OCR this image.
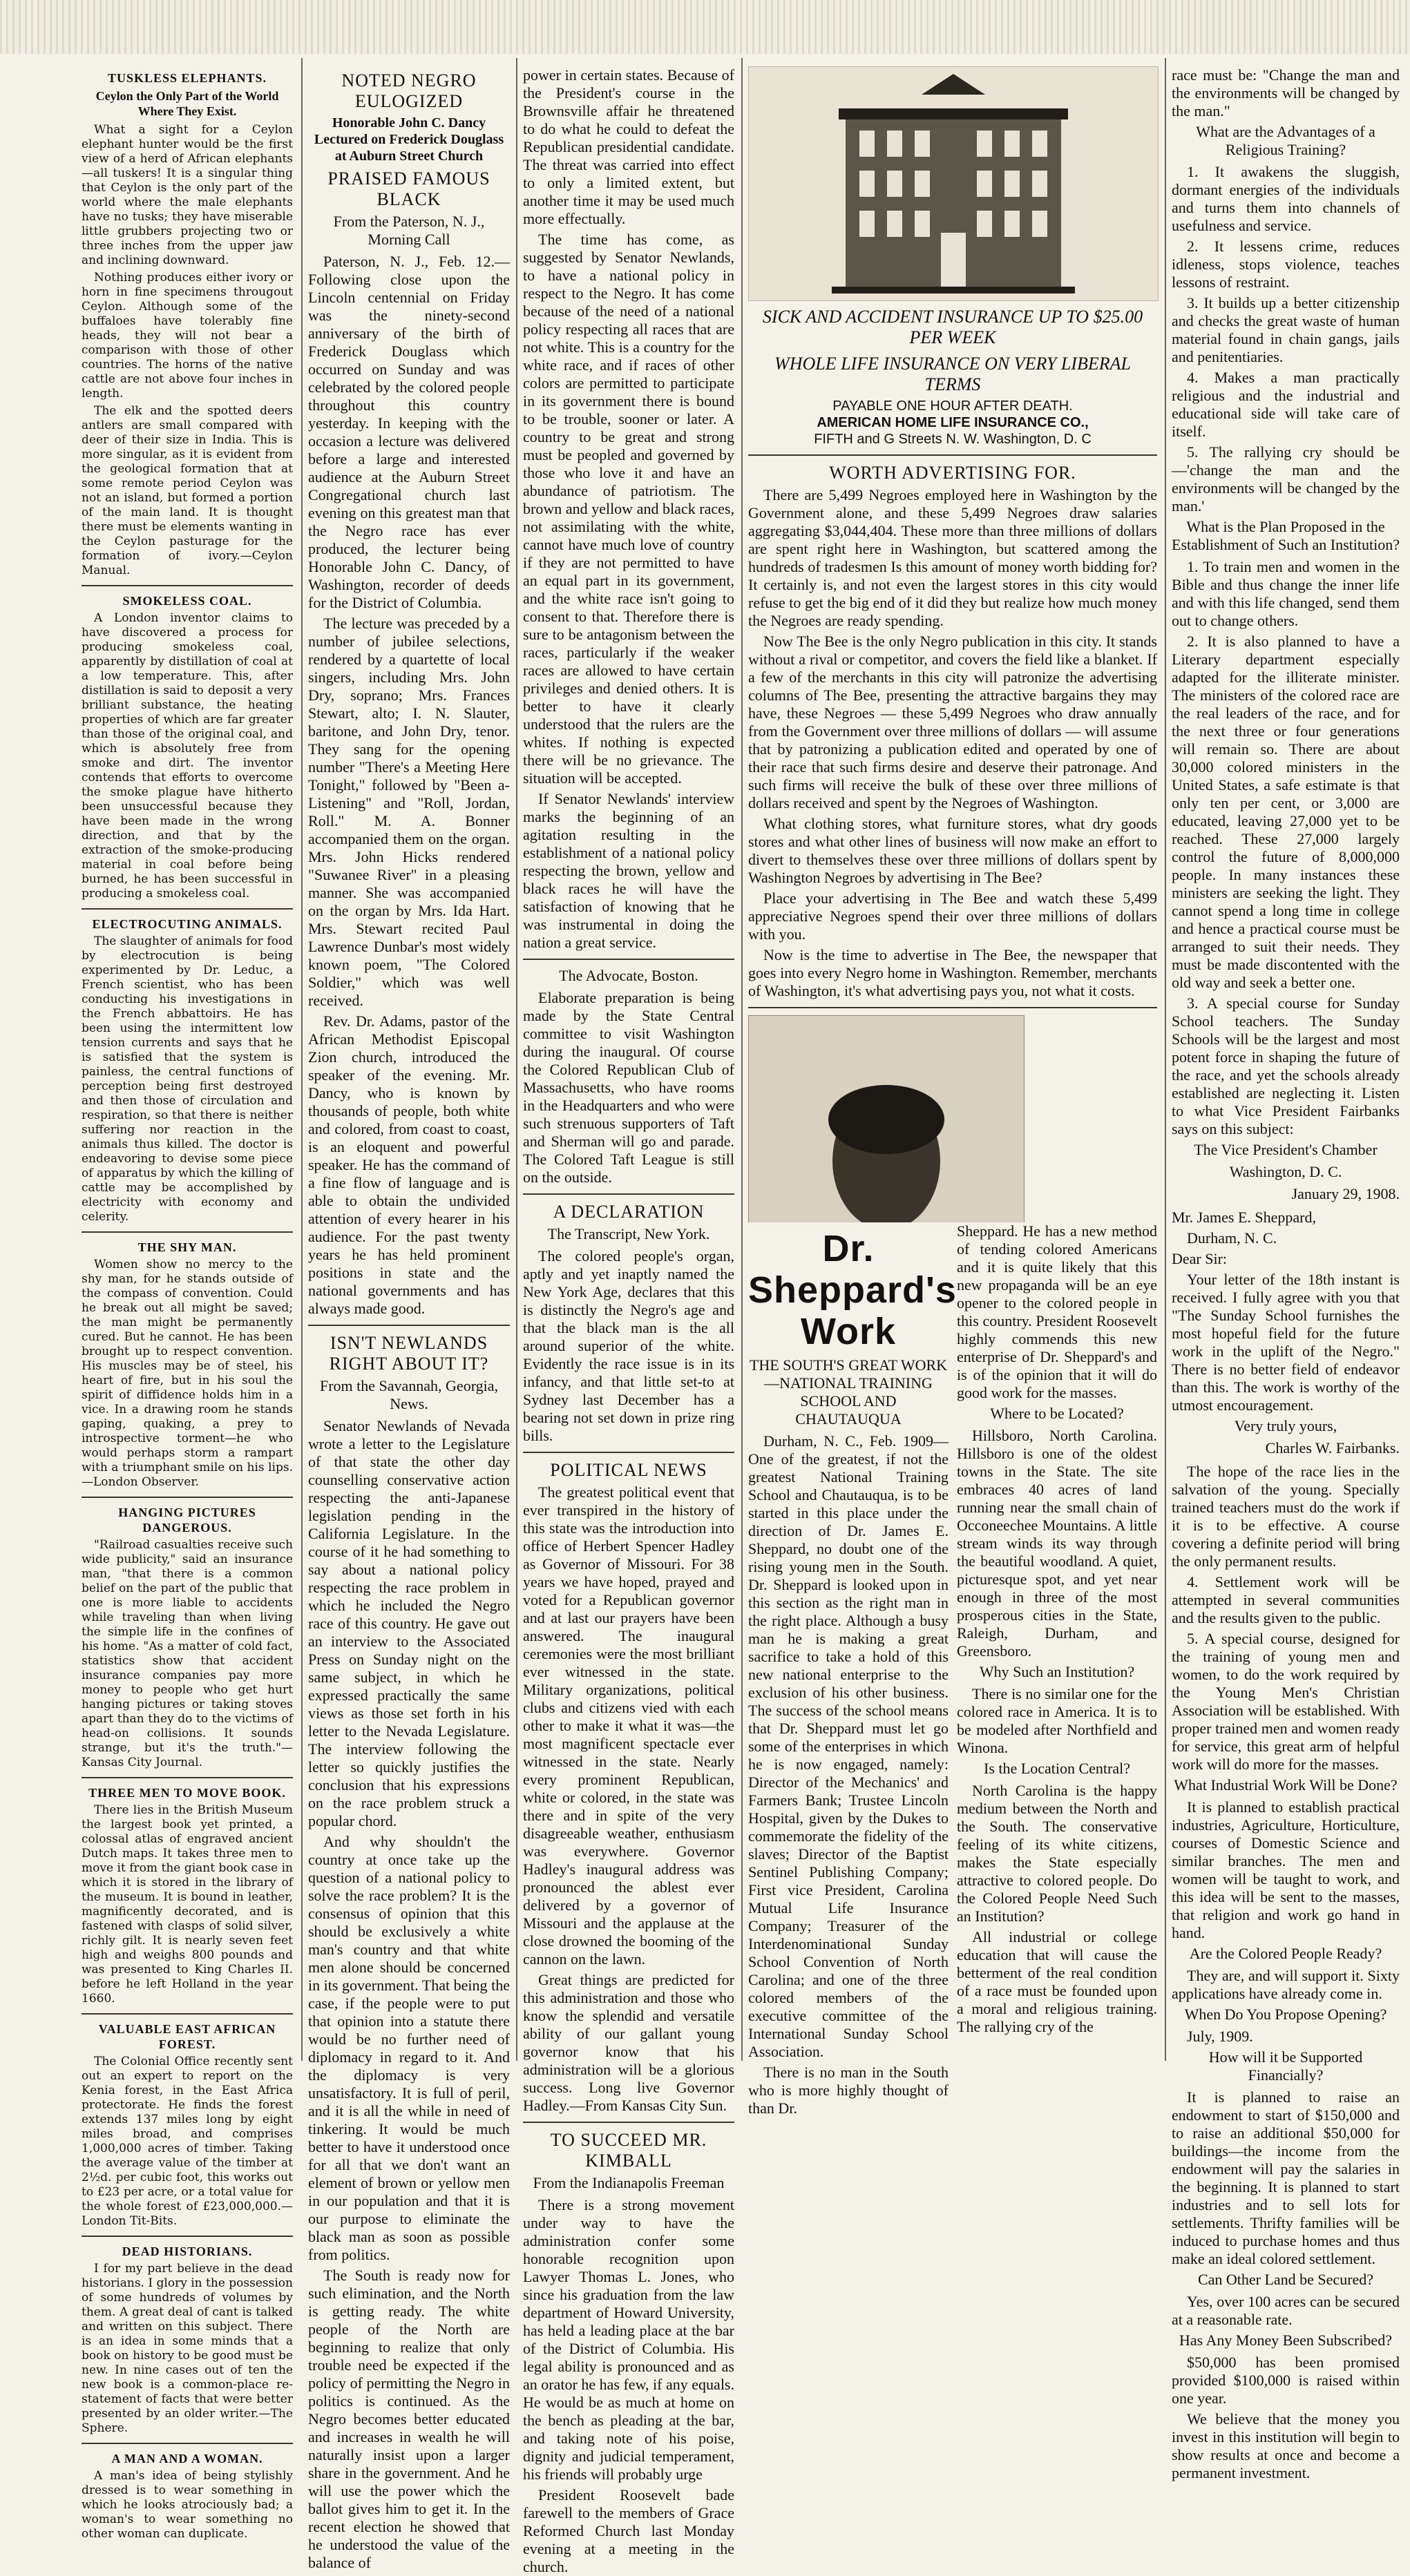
TUSKLESS ELEPHANTS.
Ceylon the Only Part of the World Where They Exist.

What a sight for a Ceylon elephant hunter would be the first view of a herd of African elephants—all tuskers! It is a singular thing that Ceylon is the only part of the world where the male elephants have no tusks; they have miserable little grubbers projecting two or three inches from the upper jaw and inclining downward.

Nothing produces either ivory or horn in fine specimens througout Ceylon. Although some of the buffaloes have tolerably fine heads, they will not bear a comparison with those of other countries. The horns of the native cattle are not above four inches in length.

The elk and the spotted deers antlers are small compared with deer of their size in India. This is more singular, as it is evident from the geological formation that at some remote period Ceylon was not an island, but formed a portion of the main land. It is thought there must be elements wanting in the Ceylon pasturage for the formation of ivory.—Ceylon Manual.

SMOKELESS COAL.

A London inventor claims to have discovered a process for producing smokeless coal, apparently by distillation of coal at a low temperature. This, after distillation is said to deposit a very brilliant substance, the heating properties of which are far greater than those of the original coal, and which is absolutely free from smoke and dirt. The inventor contends that efforts to overcome the smoke plague have hitherto been unsuccessful because they have been made in the wrong direction, and that by the extraction of the smoke-producing material in coal before being burned, he has been successful in producing a smokeless coal.

ELECTROCUTING ANIMALS.

The slaughter of animals for food by electrocution is being experimented by Dr. Leduc, a French scientist, who has been conducting his investigations in the French abbattoirs. He has been using the intermittent low tension currents and says that he is satisfied that the system is painless, the central functions of perception being first destroyed and then those of circulation and respiration, so that there is neither suffering nor reaction in the animals thus killed. The doctor is endeavoring to devise some piece of apparatus by which the killing of cattle may be accomplished by electricity with economy and celerity.

THE SHY MAN.

Women show no mercy to the shy man, for he stands outside of the compass of convention. Could he break out all might be saved; the man might be permanently cured. But he cannot. He has been brought up to respect convention. His muscles may be of steel, his heart of fire, but in his soul the spirit of diffidence holds him in a vice. In a drawing room he stands gaping, quaking, a prey to introspective torment—he who would perhaps storm a rampart with a triumphant smile on his lips.—London Observer.

HANGING PICTURES DANGEROUS.

"Railroad casualties receive such wide publicity," said an insurance man, "that there is a common belief on the part of the public that one is more liable to accidents while traveling than when living the simple life in the confines of his home. "As a matter of cold fact, statistics show that accident insurance companies pay more money to people who get hurt hanging pictures or taking stoves apart than they do to the victims of head-on collisions. It sounds strange, but it's the truth."—Kansas City Journal.

THREE MEN TO MOVE BOOK.

There lies in the British Museum the largest book yet printed, a colossal atlas of engraved ancient Dutch maps. It takes three men to move it from the giant book case in which it is stored in the library of the museum. It is bound in leather, magnificently decorated, and is fastened with clasps of solid silver, richly gilt. It is nearly seven feet high and weighs 800 pounds and was presented to King Charles II. before he left Holland in the year 1660.

VALUABLE EAST AFRICAN FOREST.

The Colonial Office recently sent out an expert to report on the Kenia forest, in the East Africa protectorate. He finds the forest extends 137 miles long by eight miles broad, and comprises 1,000,000 acres of timber. Taking the average value of the timber at 2½d. per cubic foot, this works out to £23 per acre, or a total value for the whole forest of £23,000,000.—London Tit-Bits.

DEAD HISTORIANS.

I for my part believe in the dead historians. I glory in the possession of some hundreds of volumes by them. A great deal of cant is talked and written on this subject. There is an idea in some minds that a book on history to be good must be new. In nine cases out of ten the new book is a common-place re-statement of facts that were better presented by an older writer.—The Sphere.

A MAN AND A WOMAN.

A man's idea of being stylishly dressed is to wear something in which he looks atrociously bad; a woman's to wear something no other woman can duplicate.

NOTED NEGRO EULOGIZED
Honorable John C. Dancy Lectured on Frederick Douglass at Auburn Street Church
PRAISED FAMOUS BLACK
From the Paterson, N. J., Morning Call

Paterson, N. J., Feb. 12.—Following close upon the Lincoln centennial on Friday was the ninety-second anniversary of the birth of Frederick Douglass which occurred on Sunday and was celebrated by the colored people throughout this country yesterday. In keeping with the occasion a lecture was delivered before a large and interested audience at the Auburn Street Congregational church last evening on this greatest man that the Negro race has ever produced, the lecturer being Honorable John C. Dancy, of Washington, recorder of deeds for the District of Columbia.

The lecture was preceded by a number of jubilee selections, rendered by a quartette of local singers, including Mrs. John Dry, soprano; Mrs. Frances Stewart, alto; I. N. Slauter, baritone, and John Dry, tenor. They sang for the opening number "There's a Meeting Here Tonight," followed by "Been a-Listening" and "Roll, Jordan, Roll." M. A. Bonner accompanied them on the organ. Mrs. John Hicks rendered "Suwanee River" in a pleasing manner. She was accompanied on the organ by Mrs. Ida Hart. Mrs. Stewart recited Paul Lawrence Dunbar's most widely known poem, "The Colored Soldier," which was well received.

Rev. Dr. Adams, pastor of the African Methodist Episcopal Zion church, introduced the speaker of the evening. Mr. Dancy, who is known by thousands of people, both white and colored, from coast to coast, is an eloquent and powerful speaker. He has the command of a fine flow of language and is able to obtain the undivided attention of every hearer in his audience. For the past twenty years he has held prominent positions in state and the national governments and has always made good.

ISN'T NEWLANDS RIGHT ABOUT IT?
From the Savannah, Georgia, News.

Senator Newlands of Nevada wrote a letter to the Legislature of that state the other day counselling conservative action respecting the anti-Japanese legislation pending in the California Legislature. In the course of it he had something to say about a national policy respecting the race problem in which he included the Negro race of this country. He gave out an interview to the Associated Press on Sunday night on the same subject, in which he expressed practically the same views as those set forth in his letter to the Nevada Legislature. The interview following the letter so quickly justifies the conclusion that his expressions on the race problem struck a popular chord.

And why shouldn't the country at once take up the question of a national policy to solve the race problem? It is the consensus of opinion that this should be exclusively a white man's country and that white men alone should be concerned in its government. That being the case, if the people were to put that opinion into a statute there would be no further need of diplomacy in regard to it. And the diplomacy is very unsatisfactory. It is full of peril, and it is all the while in need of tinkering. It would be much better to have it understood once for all that we don't want an element of brown or yellow men in our population and that it is our purpose to eliminate the black man as soon as possible from politics.

The South is ready now for such elimination, and the North is getting ready. The white people of the North are beginning to realize that only trouble need be expected if the policy of permitting the Negro in politics is continued. As the Negro becomes better educated and increases in wealth he will naturally insist upon a larger share in the government. And he will use the power which the ballot gives him to get it. In the recent election he showed that he understood the value of the balance of

power in certain states. Because of the President's course in the Brownsville affair he threatened to do what he could to defeat the Republican presidential candidate. The threat was carried into effect to only a limited extent, but another time it may be used much more effectually.

The time has come, as suggested by Senator Newlands, to have a national policy in respect to the Negro. It has come because of the need of a national policy respecting all races that are not white. This is a country for the white race, and if races of other colors are permitted to participate in its government there is bound to be trouble, sooner or later. A country to be great and strong must be peopled and governed by those who love it and have an abundance of patriotism. The brown and yellow and black races, not assimilating with the white, cannot have much love of country if they are not permitted to have an equal part in its government, and the white race isn't going to consent to that. Therefore there is sure to be antagonism between the races, particularly if the weaker races are allowed to have certain privileges and denied others. It is better to have it clearly understood that the rulers are the whites. If nothing is expected there will be no grievance. The situation will be accepted.

If Senator Newlands' interview marks the beginning of an agitation resulting in the establishment of a national policy respecting the brown, yellow and black races he will have the satisfaction of knowing that he was instrumental in doing the nation a great service.

The Advocate, Boston.

Elaborate preparation is being made by the State Central committee to visit Washington during the inaugural. Of course the Colored Republican Club of Massachusetts, who have rooms in the Headquarters and who were such strenuous supporters of Taft and Sherman will go and parade. The Colored Taft League is still on the outside.

A DECLARATION
The Transcript, New York.

The colored people's organ, aptly and yet inaptly named the New York Age, declares that this is distinctly the Negro's age and that the black man is the all around superior of the white. Evidently the race issue is in its infancy, and that little set-to at Sydney last December has a bearing not set down in prize ring bills.

POLITICAL NEWS

The greatest political event that ever transpired in the history of this state was the introduction into office of Herbert Spencer Hadley as Governor of Missouri. For 38 years we have hoped, prayed and voted for a Republican governor and at last our prayers have been answered. The inaugural ceremonies were the most brilliant ever witnessed in the state. Military organizations, political clubs and citizens vied with each other to make it what it was—the most magnificent spectacle ever witnessed in the state. Nearly every prominent Republican, white or colored, in the state was there and in spite of the very disagreeable weather, enthusiasm was everywhere. Governor Hadley's inaugural address was pronounced the ablest ever delivered by a governor of Missouri and the applause at the close drowned the booming of the cannon on the lawn.

Great things are predicted for this administration and those who know the splendid and versatile ability of our gallant young governor know that his administration will be a glorious success. Long live Governor Hadley.—From Kansas City Sun.

TO SUCCEED MR. KIMBALL
From the Indianapolis Freeman

There is a strong movement under way to have the administration confer some honorable recognition upon Lawyer Thomas L. Jones, who since his graduation from the law department of Howard University, has held a leading place at the bar of the District of Columbia. His legal ability is pronounced and as an orator he has few, if any equals. He would be as much at home on the bench as pleading at the bar, and taking note of his poise, dignity and judicial temperament, his friends will probably urge

President Roosevelt bade farewell to the members of Grace Reformed Church last Monday evening at a meeting in the church.

SICK AND ACCIDENT INSURANCE UP TO $25.00 PER WEEK
WHOLE LIFE INSURANCE ON VERY LIBERAL TERMS
PAYABLE ONE HOUR AFTER DEATH.
AMERICAN HOME LIFE INSURANCE CO.,
FIFTH and G Streets N. W. Washington, D. C
WORTH ADVERTISING FOR.

There are 5,499 Negroes employed here in Washington by the Government alone, and these 5,499 Negroes draw salaries aggregating $3,044,404. These more than three millions of dollars are spent right here in Washington, but scattered among the hundreds of tradesmen Is this amount of money worth bidding for? It certainly is, and not even the largest stores in this city would refuse to get the big end of it did they but realize how much money the Negroes are ready spending.

Now The Bee is the only Negro publication in this city. It stands without a rival or competitor, and covers the field like a blanket. If a few of the merchants in this city will patronize the advertising columns of The Bee, presenting the attractive bargains they may have, these Negroes — these 5,499 Negroes who draw annually from the Government over three millions of dollars — will assume that by patronizing a publication edited and operated by one of their race that such firms desire and deserve their patronage. And such firms will receive the bulk of these over three millions of dollars received and spent by the Negroes of Washington.

What clothing stores, what furniture stores, what dry goods stores and what other lines of business will now make an effort to divert to themselves these over three millions of dollars spent by Washington Negroes by advertising in The Bee?

Place your advertising in The Bee and watch these 5,499 appreciative Negroes spend their over three millions of dollars with you.

Now is the time to advertise in The Bee, the newspaper that goes into every Negro home in Washington. Remember, merchants of Washington, it's what advertising pays you, not what it costs.

Dr. Sheppard's Work
THE SOUTH'S GREAT WORK—NATIONAL TRAINING SCHOOL AND CHAUTAUQUA

Durham, N. C., Feb. 1909—One of the greatest, if not the greatest National Training School and Chautauqua, is to be started in this place under the direction of Dr. James E. Sheppard, no doubt one of the rising young men in the South. Dr. Sheppard is looked upon in this section as the right man in the right place. Although a busy man he is making a great sacrifice to take a hold of this new national enterprise to the exclusion of his other business. The success of the school means that Dr. Sheppard must let go some of the enterprises in which he is now engaged, namely: Director of the Mechanics' and Farmers Bank; Trustee Lincoln Hospital, given by the Dukes to commemorate the fidelity of the slaves; Director of the Baptist Sentinel Publishing Company; First vice President, Carolina Mutual Life Insurance Company; Treasurer of the Interdenominational Sunday School Convention of North Carolina; and one of the three colored members of the executive committee of the International Sunday School Association.

There is no man in the South who is more highly thought of than Dr.

Sheppard. He has a new method of tending colored Americans and it is quite likely that this new propaganda will be an eye opener to the colored people in this country. President Roosevelt highly commends this new enterprise of Dr. Sheppard's and is of the opinion that it will do good work for the masses.

Where to be Located?

Hillsboro, North Carolina. Hillsboro is one of the oldest towns in the State. The site embraces 40 acres of land running near the small chain of Occoneechee Mountains. A little stream winds its way through the beautiful woodland. A quiet, picturesque spot, and yet near enough in three of the most prosperous cities in the State, Raleigh, Durham, and Greensboro.

Why Such an Institution?

There is no similar one for the colored race in America. It is to be modeled after Northfield and Winona.

Is the Location Central?

North Carolina is the happy medium between the North and the South. The conservative feeling of its white citizens, makes the State especially attractive to colored people. Do the Colored People Need Such an Institution?

All industrial or college education that will cause the betterment of the real condition of a race must be founded upon a moral and religious training. The rallying cry of the

race must be: "Change the man and the environments will be changed by the man."

What are the Advantages of a Religious Training?

1. It awakens the sluggish, dormant energies of the individuals and turns them into channels of usefulness and service.

2. It lessens crime, reduces idleness, stops violence, teaches lessons of restraint.

3. It builds up a better citizenship and checks the great waste of human material found in chain gangs, jails and penitentiaries.

4. Makes a man practically religious and the industrial and educational side will take care of itself.

5. The rallying cry should be—'change the man and the environments will be changed by the man.'

What is the Plan Proposed in the Establishment of Such an Institution?

1. To train men and women in the Bible and thus change the inner life and with this life changed, send them out to change others.

2. It is also planned to have a Literary department especially adapted for the illiterate minister. The ministers of the colored race are the real leaders of the race, and for the next three or four generations will remain so. There are about 30,000 colored ministers in the United States, a safe estimate is that only ten per cent, or 3,000 are educated, leaving 27,000 yet to be reached. These 27,000 largely control the future of 8,000,000 people. In many instances these ministers are seeking the light. They cannot spend a long time in college and hence a practical course must be arranged to suit their needs. They must be made discontented with the old way and seek a better one.

3. A special course for Sunday School teachers. The Sunday Schools will be the largest and most potent force in shaping the future of the race, and yet the schools already established are neglecting it. Listen to what Vice President Fairbanks says on this subject:

The Vice President's Chamber
Washington, D. C.
January 29, 1908.

Mr. James E. Sheppard,

Durham, N. C.

Dear Sir:

Your letter of the 18th instant is received. I fully agree with you that "The Sunday School furnishes the most hopeful field for the future work in the uplift of the Negro." There is no better field of endeavor than this. The work is worthy of the utmost encouragement.

Very truly yours,
Charles W. Fairbanks.

The hope of the race lies in the salvation of the young. Specially trained teachers must do the work if it is to be effective. A course covering a definite period will bring the only permanent results.

4. Settlement work will be attempted in several communities and the results given to the public.

5. A special course, designed for the training of young men and women, to do the work required by the Young Men's Christian Association will be established. With proper trained men and women ready for service, this great arm of helpful work will do more for the masses.

What Industrial Work Will be Done?

It is planned to establish practical industries, Agriculture, Horticulture, courses of Domestic Science and similar branches. The men and women will be taught to work, and this idea will be sent to the masses, that religion and work go hand in hand.

Are the Colored People Ready?

They are, and will support it. Sixty applications have already come in.

When Do You Propose Opening?

July, 1909.

How will it be Supported Financially?

It is planned to raise an endowment to start of $150,000 and to raise an additional $50,000 for buildings—the income from the endowment will pay the salaries in the beginning. It is planned to start industries and to sell lots for settlements. Thrifty families will be induced to purchase homes and thus make an ideal colored settlement.

Can Other Land be Secured?

Yes, over 100 acres can be secured at a reasonable rate.

Has Any Money Been Subscribed?

$50,000 has been promised provided $100,000 is raised within one year.

We believe that the money you invest in this institution will begin to show results at once and become a permanent investment.
